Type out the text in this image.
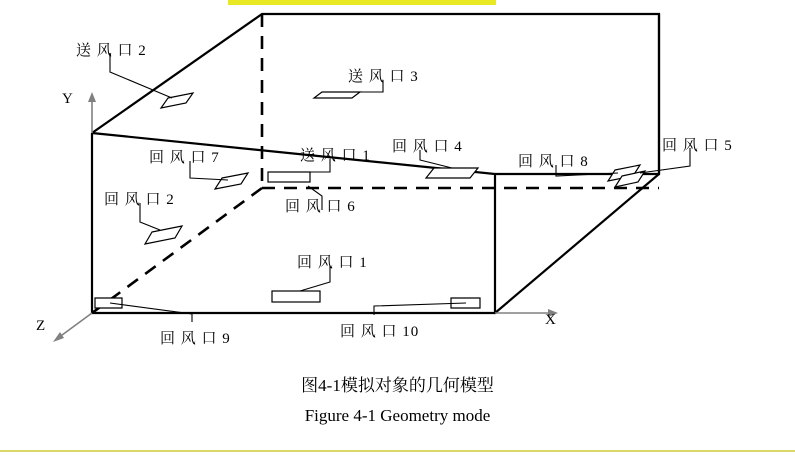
Y
X
Z
送 风 口 2
送 风 口 3
回 风 口 4	回 风 口 5
回 风 口 7	送 风 口 1	回 风 口 8
回 风 口 2	回 风 口 6
回 风 口 1
回 风 口 9	回 风 口 10
图4-1模拟对象的几何模型
Figure 4-1 Geometry mode
